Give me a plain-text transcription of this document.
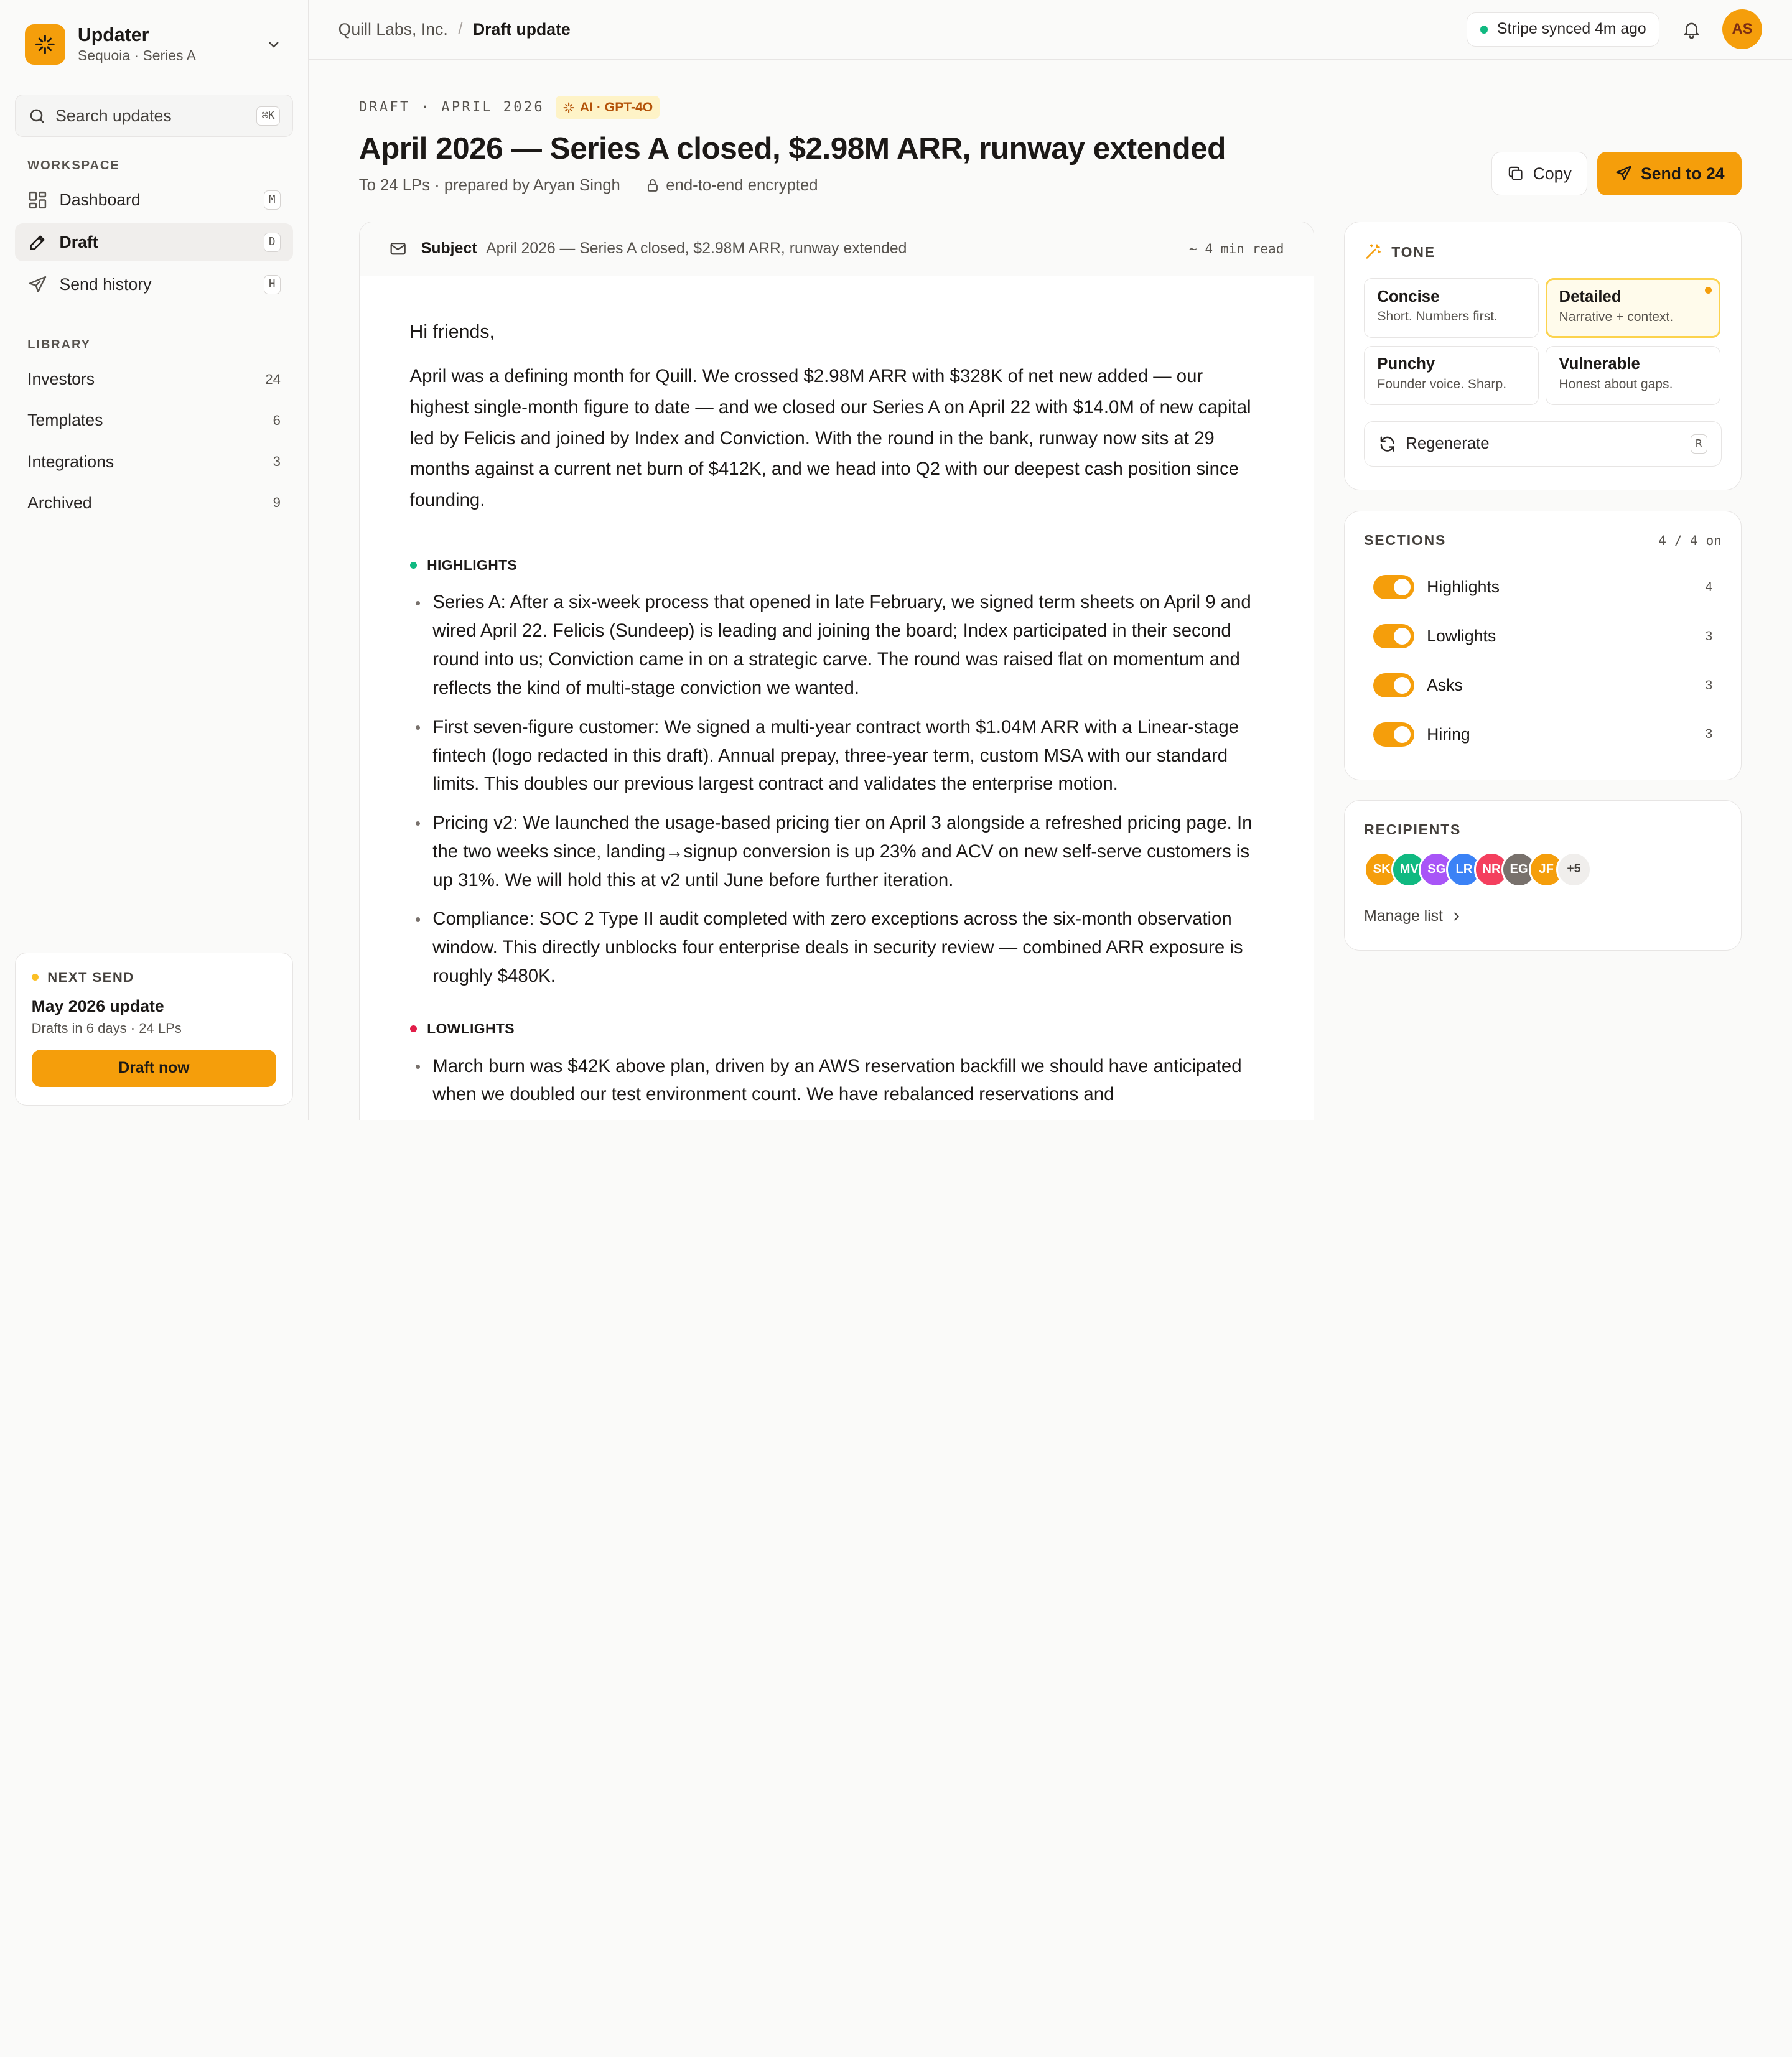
Updater
Sequoia · Series A
Search updates	⌘K
WORKSPACE
Dashboard	M
Draft	D
Send history	H
LIBRARY
Investors	24
Templates	6
Integrations	3
Archived	9
NEXT SEND
May 2026 update
Drafts in 6 days · 24 LPs
Draft now
Quill Labs, Inc. / Draft update	Stripe synced 4m ago	AS
DRAFT · APRIL 2026	AI · GPT-4O
April 2026 — Series A closed, $2.98M ARR, runway extended
To 24 LPs · prepared by Aryan Singh	end-to-end encrypted
Copy	Send to 24
Subject April 2026 — Series A closed, $2.98M ARR, runway extended	~ 4 min read

Hi friends,

April was a defining month for Quill. We crossed $2.98M ARR with $328K of net new added — our highest single-month figure to date — and we closed our Series A on April 22 with $14.0M of new capital led by Felicis and joined by Index and Conviction. With the round in the bank, runway now sits at 29 months against a current net burn of $412K, and we head into Q2 with our deepest cash position since founding.

HIGHLIGHTS
Series A: After a six-week process that opened in late February, we signed term sheets on April 9 and wired April 22. Felicis (Sundeep) is leading and joining the board; Index participated in their second round into us; Conviction came in on a strategic carve. The round was raised flat on momentum and reflects the kind of multi-stage conviction we wanted.
First seven-figure customer: We signed a multi-year contract worth $1.04M ARR with a Linear-stage fintech (logo redacted in this draft). Annual prepay, three-year term, custom MSA with our standard limits. This doubles our previous largest contract and validates the enterprise motion.
Pricing v2: We launched the usage-based pricing tier on April 3 alongside a refreshed pricing page. In the two weeks since, landing→signup conversion is up 23% and ACV on new self-serve customers is up 31%. We will hold this at v2 until June before further iteration.
Compliance: SOC 2 Type II audit completed with zero exceptions across the six-month observation window. This directly unblocks four enterprise deals in security review — combined ARR exposure is roughly $480K.
LOWLIGHTS
March burn was $42K above plan, driven by an AWS reservation backfill we should have anticipated when we doubled our test environment count. We have rebalanced reservations and
TONE
Concise
Short. Numbers first.
Detailed
Narrative + context.
Punchy
Founder voice. Sharp.
Vulnerable
Honest about gaps.
Regenerate	R
SECTIONS	4 / 4 on
Highlights	4
Lowlights	3
Asks	3
Hiring	3
RECIPIENTS
SK	MV	SG	LR	NR	EG	JF	+5
Manage list
